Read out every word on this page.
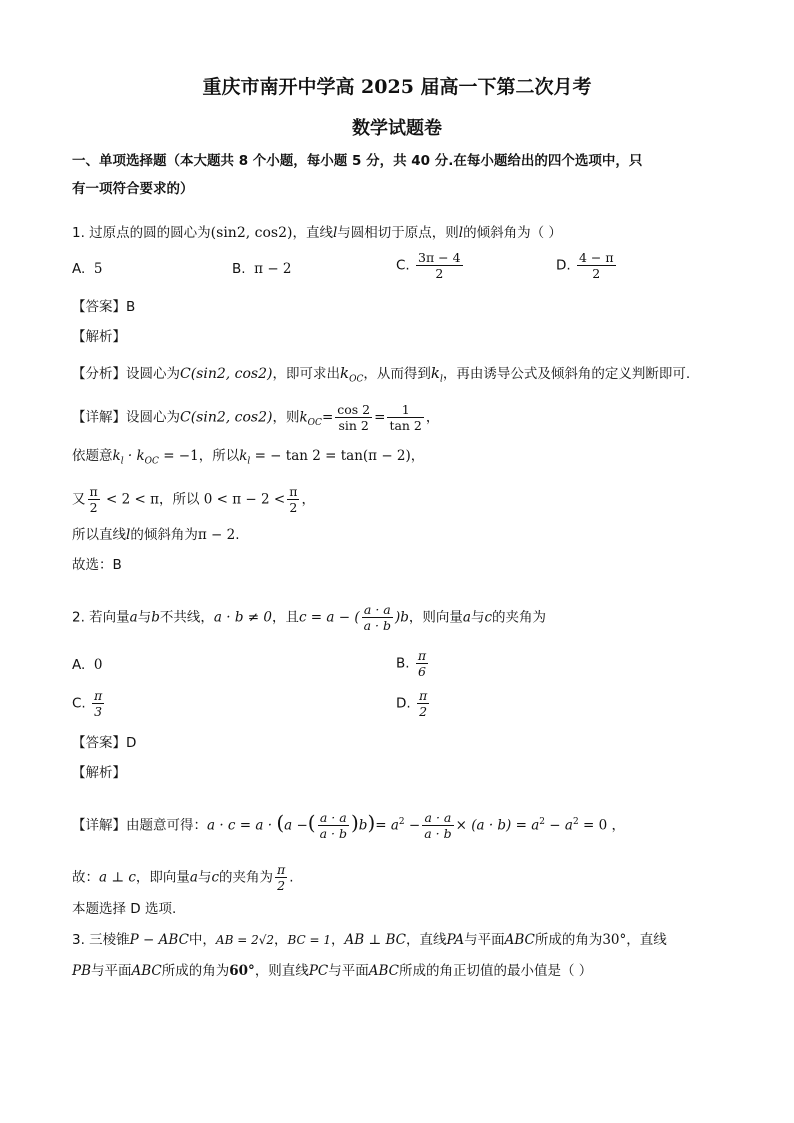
重庆市南开中学高 2025 届高一下第二次月考
数学试题卷
一、单项选择题（本大题共 8 个小题，每小题 5 分，共 40 分.在每小题给出的四个选项中，只
有一项符合要求的）
1. 过原点的圆的圆心为(sin2, cos2)，直线l与圆相切于原点，则l的倾斜角为（ ）
A. 5	B. π − 2	C. $\frac{3\pi - 4}{2}$	D. $\frac{4 - \pi}{2}$
【答案】B
【解析】
【分析】设圆心为C(sin2, cos2)，即可求出$k_{OC}$，从而得到$k_l$，再由诱导公式及倾斜角的定义判断即可.
【详解】设圆心为C(sin2, cos2)，则$k_{OC}= \frac{\cos 2}{\sin 2} = \frac{1}{\tan 2}$ ，
依题意$k_l \cdot k_{OC} = -1$，所以$k_l$ = − tan 2 = tan(π − 2)，
又 $\frac{\pi}{2} < 2 < \pi$，所以 $0 < \pi - 2 < \frac{\pi}{2}$ ，
所以直线l的倾斜角为π − 2.
故选：B
2. 若向量a与b不共线，a · b ≠ 0，且c = a − ( $\frac{a \cdot a}{a \cdot b} )b$，则向量a与c的夹角为
A. 0	B. $\frac{\pi}{6}$
C. $\frac{\pi}{3}$	D. $\frac{\pi}{2}$
【答案】D
【解析】
【详解】由题意可得：a · c = a · (a −( $\frac{a \cdot a}{a \cdot b} )b)= a^2 - \frac{a \cdot a}{a \cdot b} \times (a \cdot b) = a^2 - a^2 = 0$ ，
故：a ⊥ c，即向量a与c的夹角为 $\frac{\pi}{2}$ .
本题选择 D 选项.
3. 三棱锥P − ABC中，AB = 2√2，BC = 1，AB ⊥ BC，直线PA与平面ABC所成的角为30°，直线
PB与平面ABC所成的角为60°，则直线PC与平面ABC所成的角正切值的最小值是（ ）
